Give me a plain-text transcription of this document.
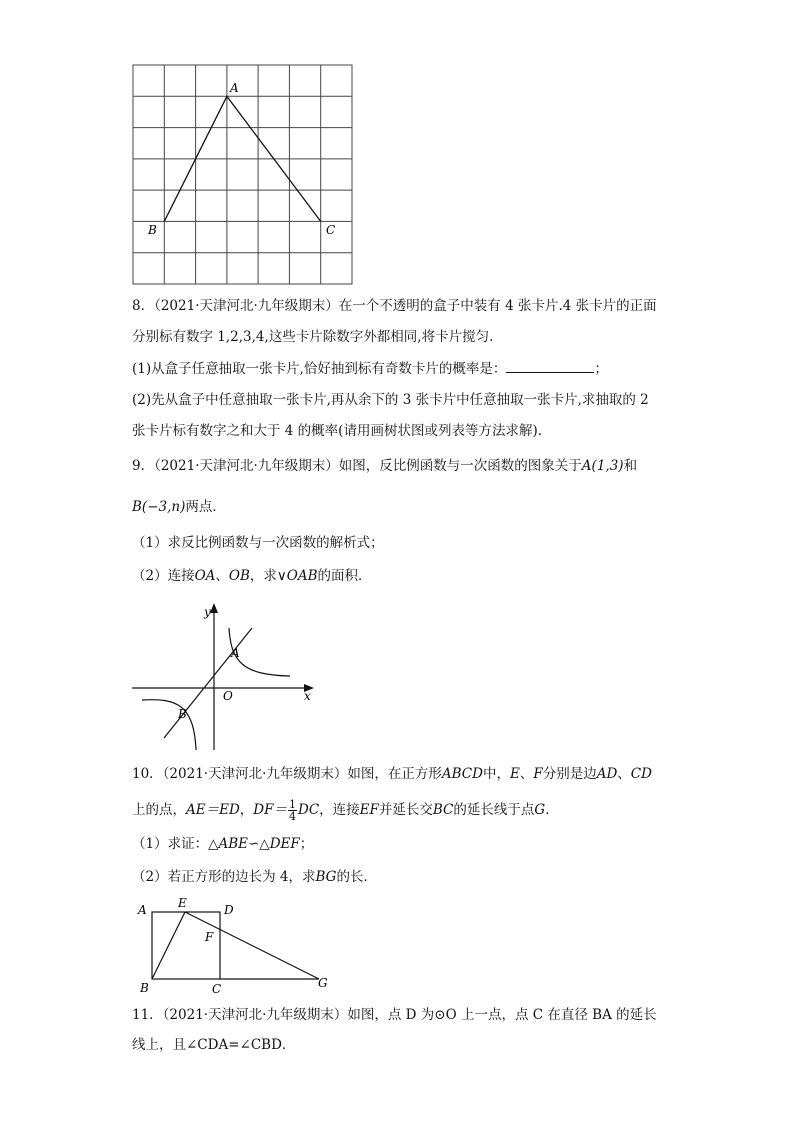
A
B	C
8．（2021·天津河北·九年级期末）在一个不透明的盒子中装有 4 张卡片.4 张卡片的正面
分别标有数字 1,2,3,4,这些卡片除数字外都相同,将卡片搅匀.
(1)从盒子任意抽取一张卡片,恰好抽到标有奇数卡片的概率是：	；
(2)先从盒子中任意抽取一张卡片,再从余下的 3 张卡片中任意抽取一张卡片,求抽取的 2
张卡片标有数字之和大于 4 的概率(请用画树状图或列表等方法求解).
9．（2021·天津河北·九年级期末）如图，反比例函数与一次函数的图象关于A(1,3)和
B(−3,n)两点．
（1）求反比例函数与一次函数的解析式；
（2）连接OA、OB，求∨OAB的面积．
y
x
O
A
B
10．（2021·天津河北·九年级期末）如图，在正方形ABCD中，E、F分别是边AD、CD
上的点，AE＝ED，$DF= \frac{1}{4}$ DC，连接EF并延长交BC的延长线于点G．
（1）求证：△ABE∽△DEF；
（2）若正方形的边长为 4，求BG的长．
A	E	D
F
B	C	G
11．（2021·天津河北·九年级期末）如图，点 D 为⊙O 上一点，点 C 在直径 BA 的延长
线上，且∠CDA=∠CBD．
